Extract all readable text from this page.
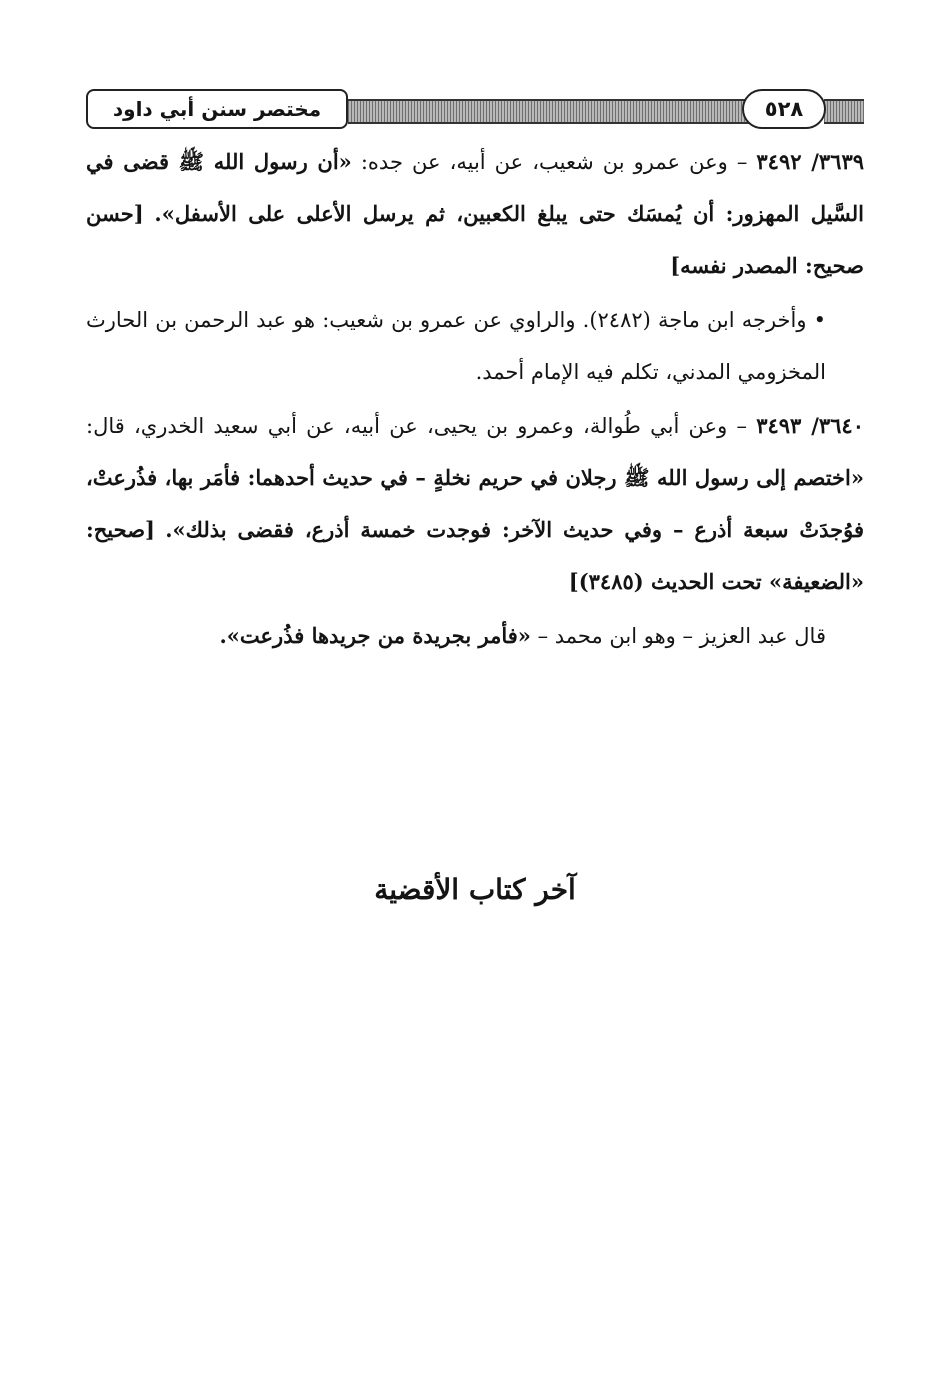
مختصر سنن أبي داود	٥٢٨

٣٦٣٩/ ٣٤٩٢ – وعن عمرو بن شعيب، عن أبيه، عن جده: «أن رسول الله ﷺ قضى في السَّيل المهزور: أن يُمسَك حتى يبلغ الكعبين، ثم يرسل الأعلى على الأسفل». [حسن صحيح: المصدر نفسه]

• وأخرجه ابن ماجة (٢٤٨٢). والراوي عن عمرو بن شعيب: هو عبد الرحمن بن الحارث المخزومي المدني، تكلم فيه الإمام أحمد.

٣٦٤٠/ ٣٤٩٣ – وعن أبي طُوالة، وعمرو بن يحيى، عن أبيه، عن أبي سعيد الخدري، قال: «اختصم إلى رسول الله ﷺ رجلان في حريم نخلةٍ – في حديث أحدهما: فأمَر بها، فذُرعتْ، فوُجدَتْ سبعة أذرع – وفي حديث الآخر: فوجدت خمسة أذرع، فقضى بذلك». [صحيح: «الضعيفة» تحت الحديث (٣٤٨٥)]

قال عبد العزيز – وهو ابن محمد – «فأمر بجريدة من جريدها فذُرعت».

آخر كتاب الأقضية
